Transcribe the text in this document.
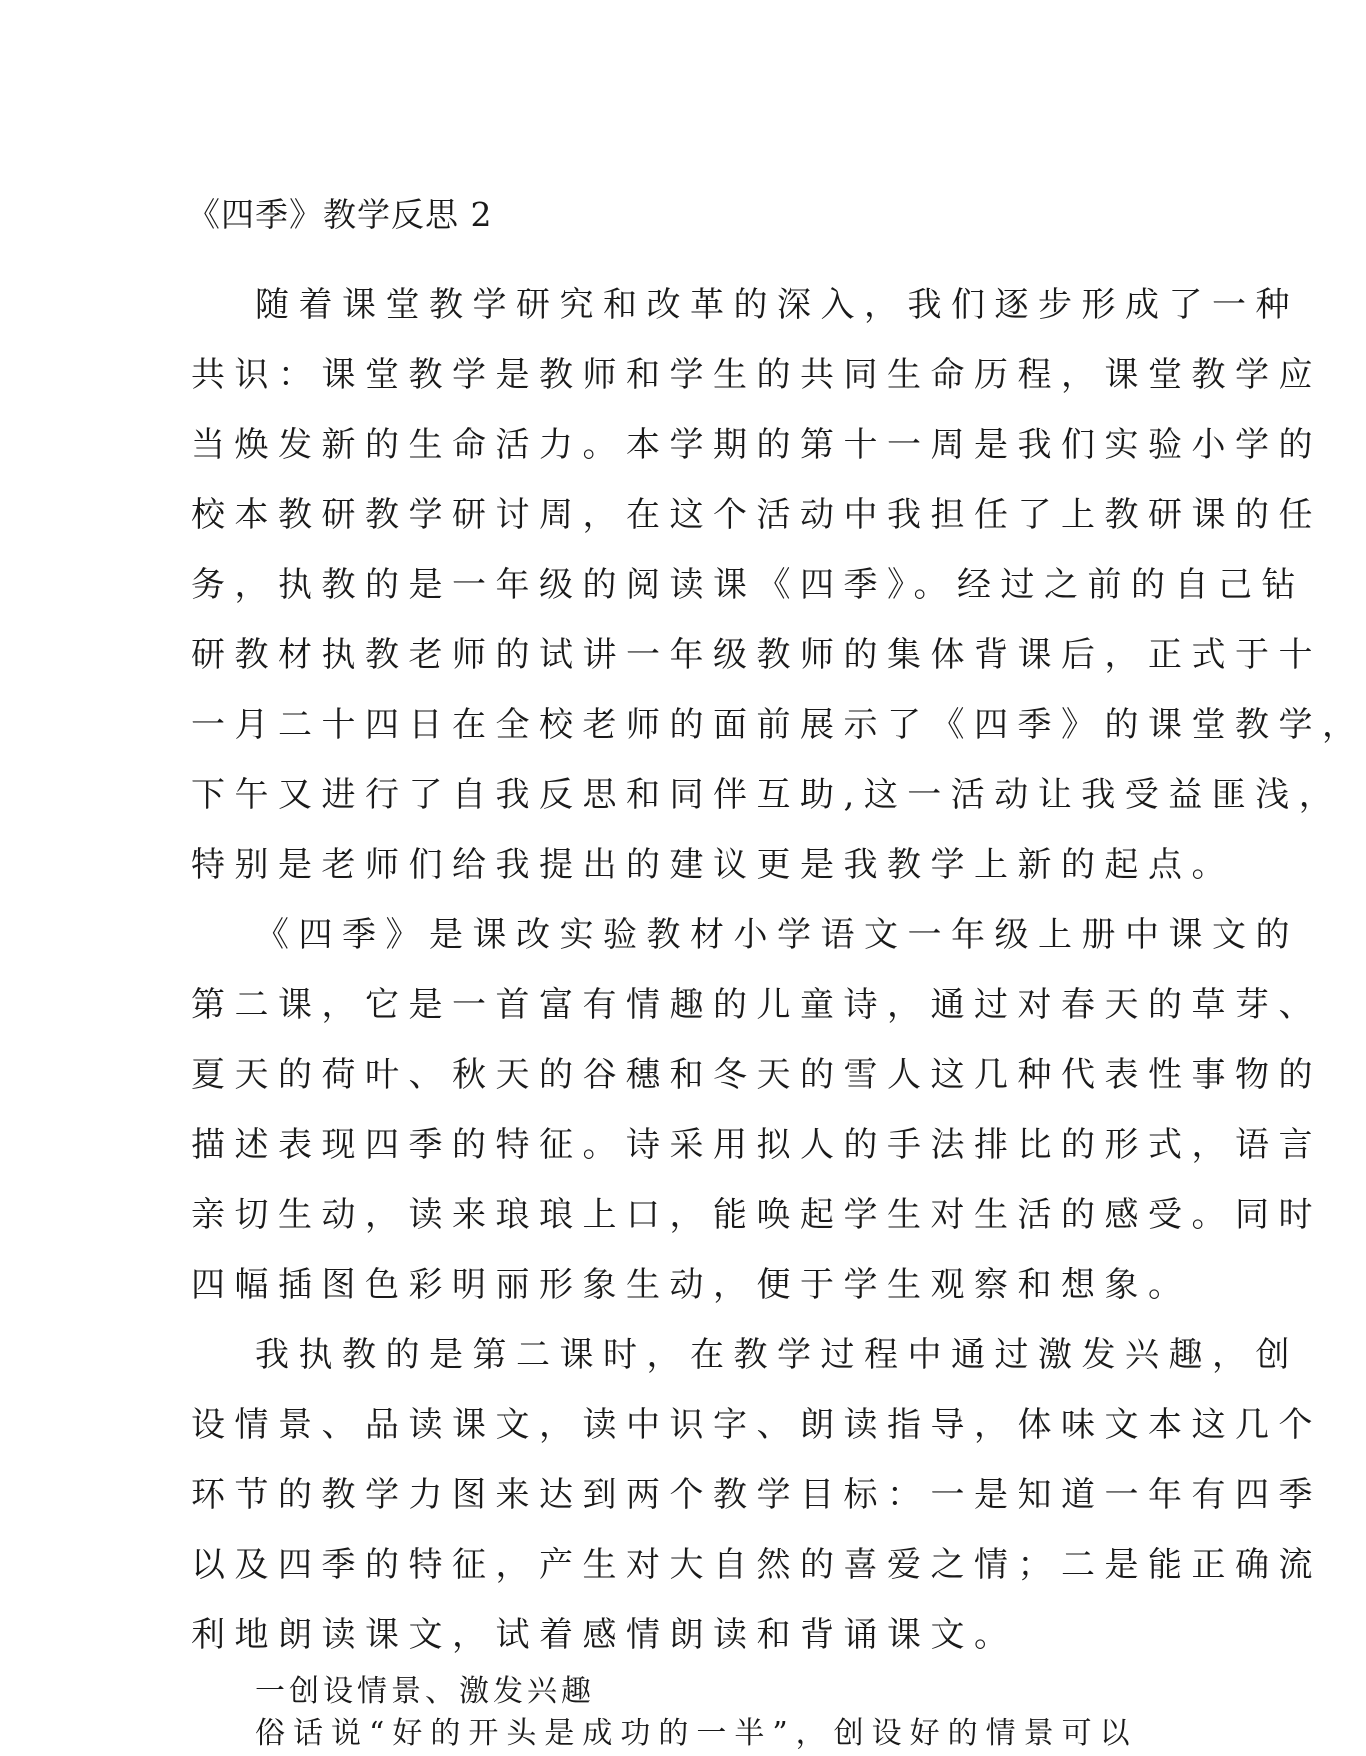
《四季》教学反思 2
随着课堂教学研究和改革的深入，我们逐步形成了一种
共识：课堂教学是教师和学生的共同生命历程，课堂教学应
当焕发新的生命活力。本学期的第十一周是我们实验小学的
校本教研教学研讨周，在这个活动中我担任了上教研课的任
务，执教的是一年级的阅读课《四季》。经过之前的自己钻
研教材执教老师的试讲一年级教师的集体背课后，正式于十
一月二十四日在全校老师的面前展示了《四季》的课堂教学，
下午又进行了自我反思和同伴互助,这一活动让我受益匪浅，
特别是老师们给我提出的建议更是我教学上新的起点。
《四季》是课改实验教材小学语文一年级上册中课文的
第二课，它是一首富有情趣的儿童诗，通过对春天的草芽、
夏天的荷叶、秋天的谷穗和冬天的雪人这几种代表性事物的
描述表现四季的特征。诗采用拟人的手法排比的形式，语言
亲切生动，读来琅琅上口，能唤起学生对生活的感受。同时
四幅插图色彩明丽形象生动，便于学生观察和想象。
我执教的是第二课时，在教学过程中通过激发兴趣，创
设情景、品读课文，读中识字、朗读指导，体味文本这几个
环节的教学力图来达到两个教学目标：一是知道一年有四季
以及四季的特征，产生对大自然的喜爱之情；二是能正确流
利地朗读课文，试着感情朗读和背诵课文。
一创设情景、激发兴趣
俗话说“好的开头是成功的一半”，创设好的情景可以
